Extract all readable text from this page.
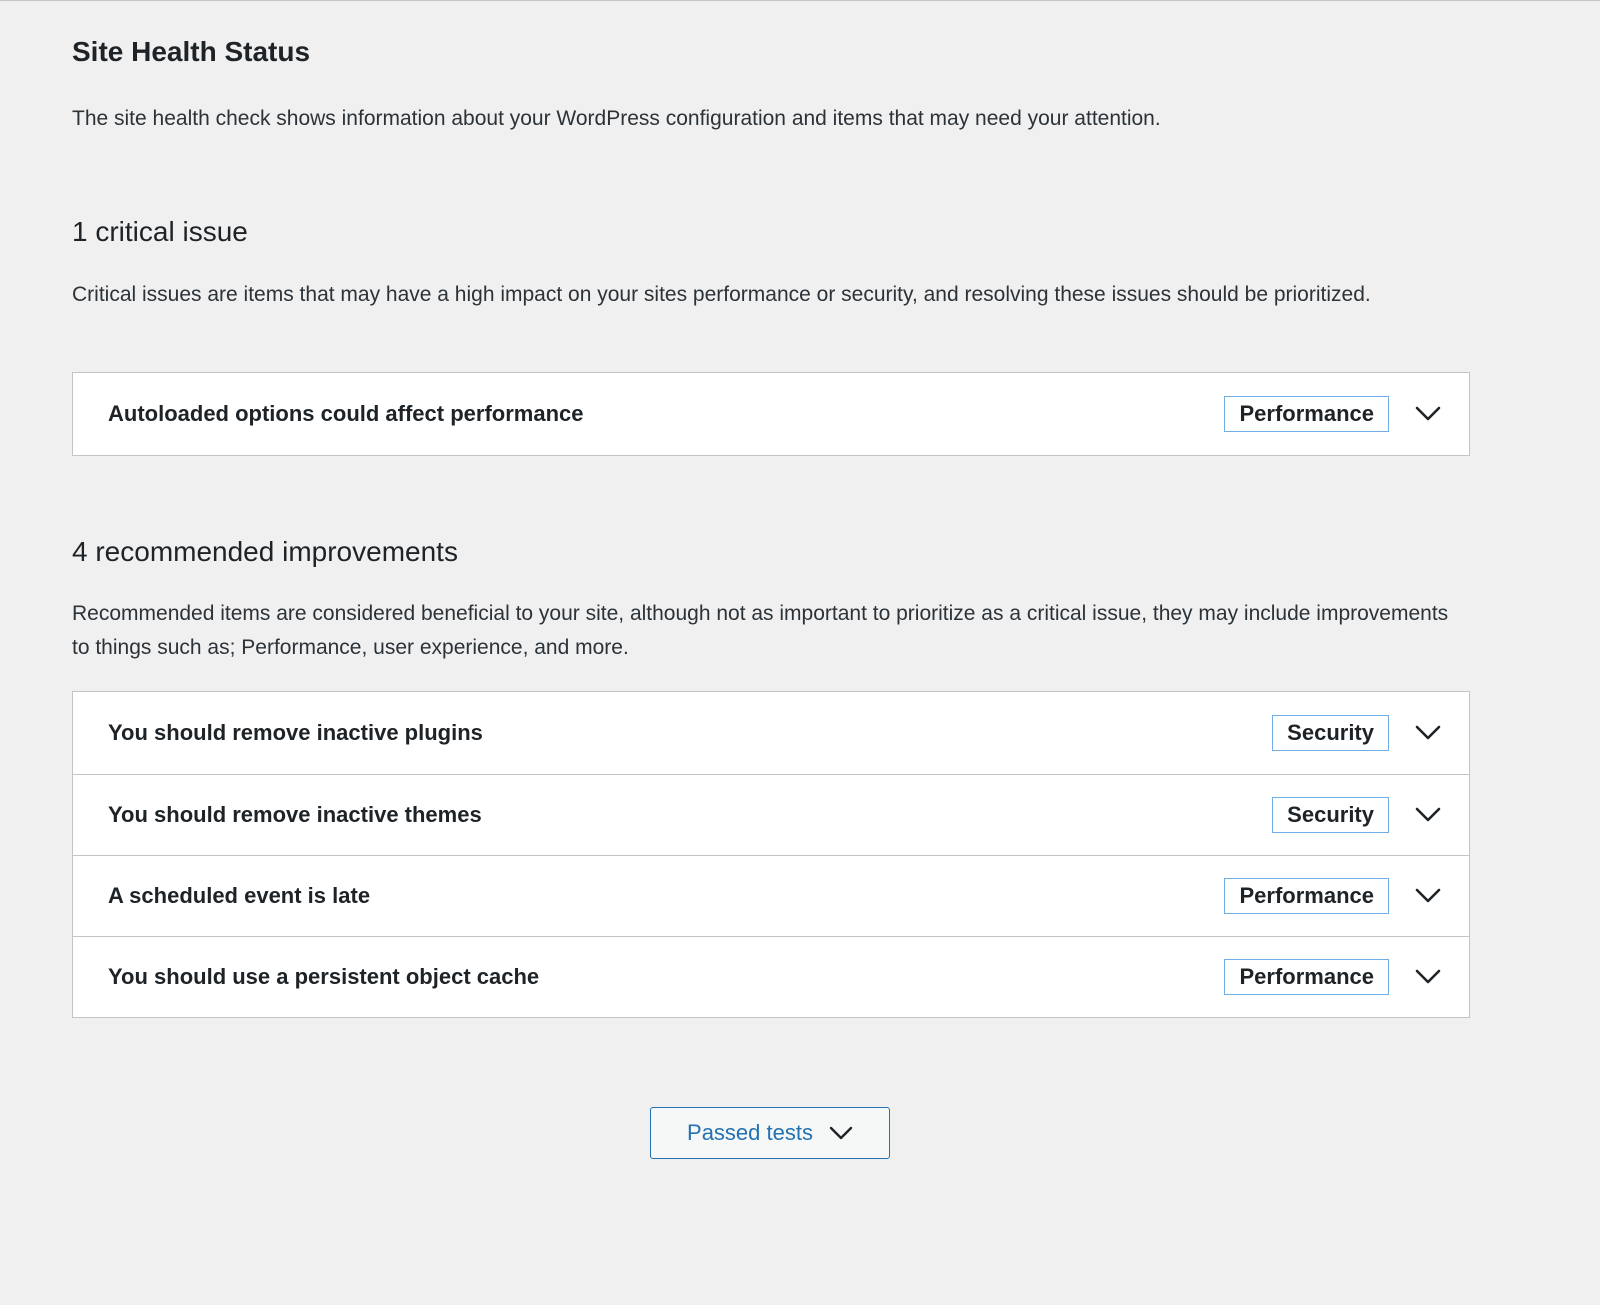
Site Health Status

The site health check shows information about your WordPress configuration and items that may need your attention.

1 critical issue

Critical issues are items that may have a high impact on your sites performance or security, and resolving these issues should be prioritized.

Autoloaded options could affect performance	Performance
4 recommended improvements

Recommended items are considered beneficial to your site, although not as important to prioritize as a critical issue, they may include improvements to things such as; Performance, user experience, and more.

You should remove inactive plugins	Security
You should remove inactive themes	Security
A scheduled event is late	Performance
You should use a persistent object cache	Performance
Passed tests
